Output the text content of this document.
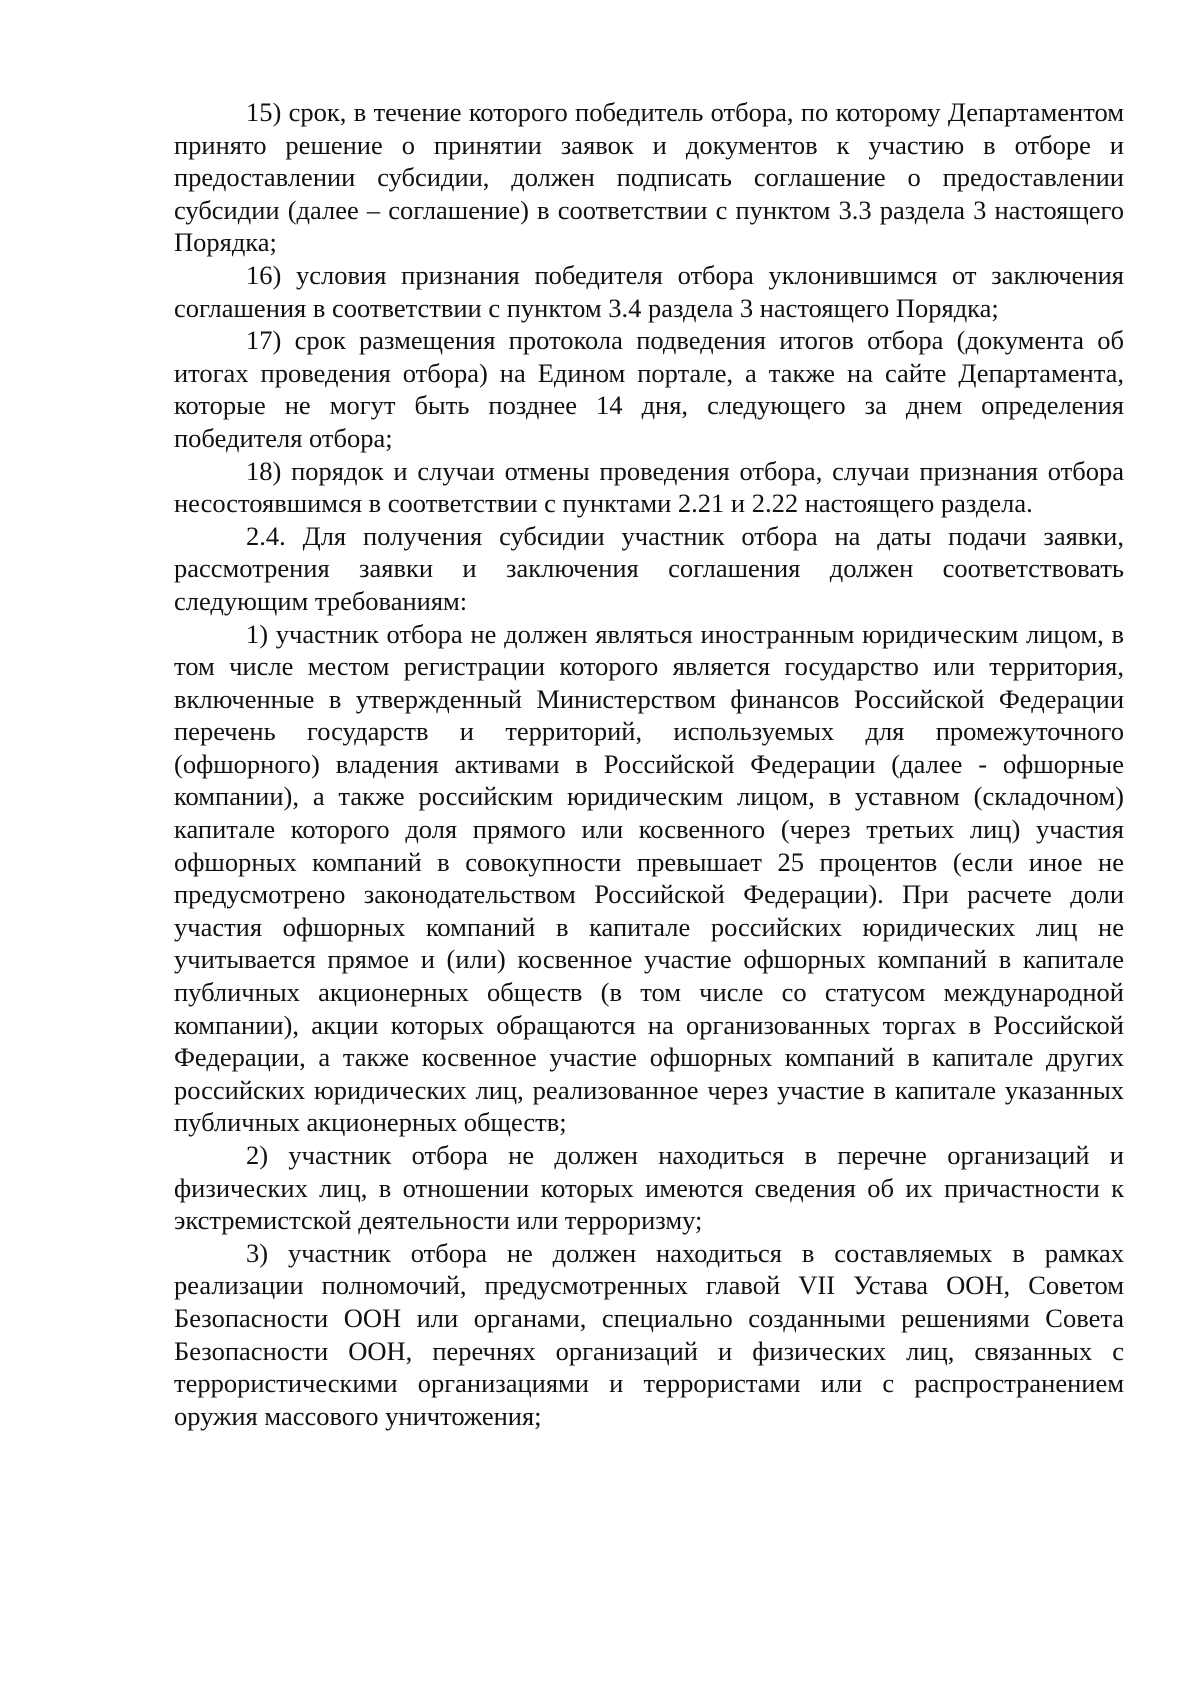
15) срок, в течение которого победитель отбора, по которому Департаментом принято решение о принятии заявок и документов к участию в отборе и предоставлении субсидии, должен подписать соглашение о предоставлении субсидии (далее – соглашение) в соответствии с пунктом 3.3 раздела 3 настоящего Порядка;

16) условия признания победителя отбора уклонившимся от заключения соглашения в соответствии с пунктом 3.4 раздела 3 настоящего Порядка;

17) срок размещения протокола подведения итогов отбора (документа об итогах проведения отбора) на Едином портале, а также на сайте Департамента, которые не могут быть позднее 14 дня, следующего за днем определения победителя отбора;

18) порядок и случаи отмены проведения отбора, случаи признания отбора несостоявшимся в соответствии с пунктами 2.21 и 2.22 настоящего раздела.

2.4. Для получения субсидии участник отбора на даты подачи заявки, рассмотрения заявки и заключения соглашения должен соответствовать следующим требованиям:

1) участник отбора не должен являться иностранным юридическим лицом, в том числе местом регистрации которого является государство или территория, включенные в утвержденный Министерством финансов Российской Федерации перечень государств и территорий, используемых для промежуточного (офшорного) владения активами в Российской Федерации (далее - офшорные компании), а также российским юридическим лицом, в уставном (складочном) капитале которого доля прямого или косвенного (через третьих лиц) участия офшорных компаний в совокупности превышает 25 процентов (если иное не предусмотрено законодательством Российской Федерации). При расчете доли участия офшорных компаний в капитале российских юридических лиц не учитывается прямое и (или) косвенное участие офшорных компаний в капитале публичных акционерных обществ (в том числе со статусом международной компании), акции которых обращаются на организованных торгах в Российской Федерации, а также косвенное участие офшорных компаний в капитале других российских юридических лиц, реализованное через участие в капитале указанных публичных акционерных обществ;

2) участник отбора не должен находиться в перечне организаций и физических лиц, в отношении которых имеются сведения об их причастности к экстремистской деятельности или терроризму;

3) участник отбора не должен находиться в составляемых в рамках реализации полномочий, предусмотренных главой VII Устава ООН, Советом Безопасности ООН или органами, специально созданными решениями Совета Безопасности ООН, перечнях организаций и физических лиц, связанных с террористическими организациями и террористами или с распространением оружия массового уничтожения;
